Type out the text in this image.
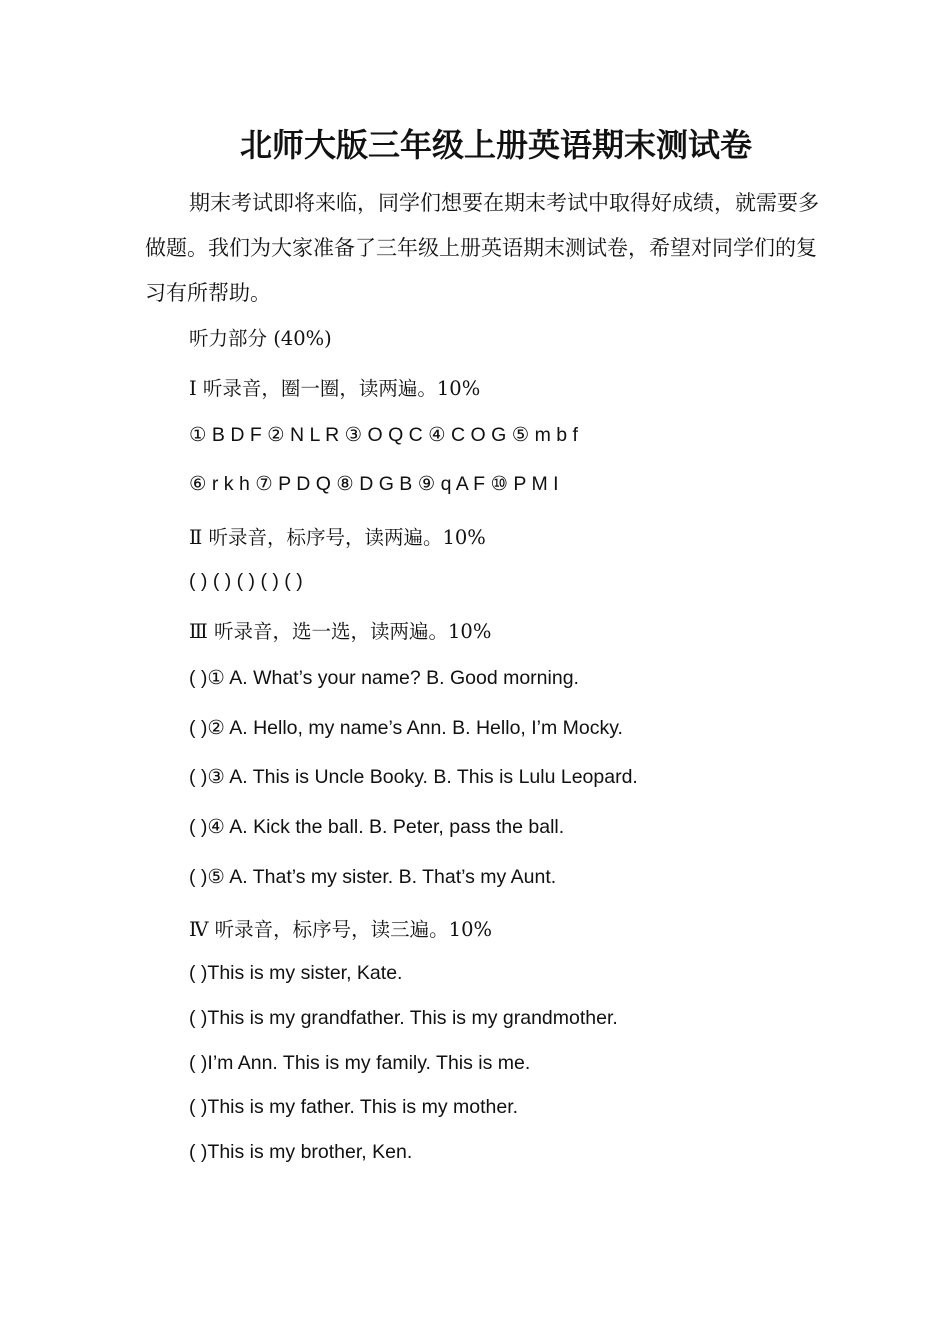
北师大版三年级上册英语期末测试卷
期末考试即将来临，同学们想要在期末考试中取得好成绩，就需要多做题。我们为大家准备了三年级上册英语期末测试卷，希望对同学们的复习有所帮助。
听力部分 (40%)
Ⅰ 听录音，圈一圈，读两遍。10%
① B D F ② N L R ③ O Q C ④ C O G ⑤ m b f
⑥ r k h ⑦ P D Q ⑧ D G B ⑨ q A F ⑩ P M I
Ⅱ 听录音，标序号，读两遍。10%
( ) ( ) ( ) ( ) ( )
Ⅲ 听录音，选一选，读两遍。10%
( )① A. What’s your name? B. Good morning.
( )② A. Hello, my name’s Ann. B. Hello, I’m Mocky.
( )③ A. This is Uncle Booky. B. This is Lulu Leopard.
( )④ A. Kick the ball. B. Peter, pass the ball.
( )⑤ A. That’s my sister. B. That’s my Aunt.
Ⅳ 听录音，标序号，读三遍。10%
( )This is my sister, Kate.
( )This is my grandfather. This is my grandmother.
( )I’m Ann. This is my family. This is me.
( )This is my father. This is my mother.
( )This is my brother, Ken.
